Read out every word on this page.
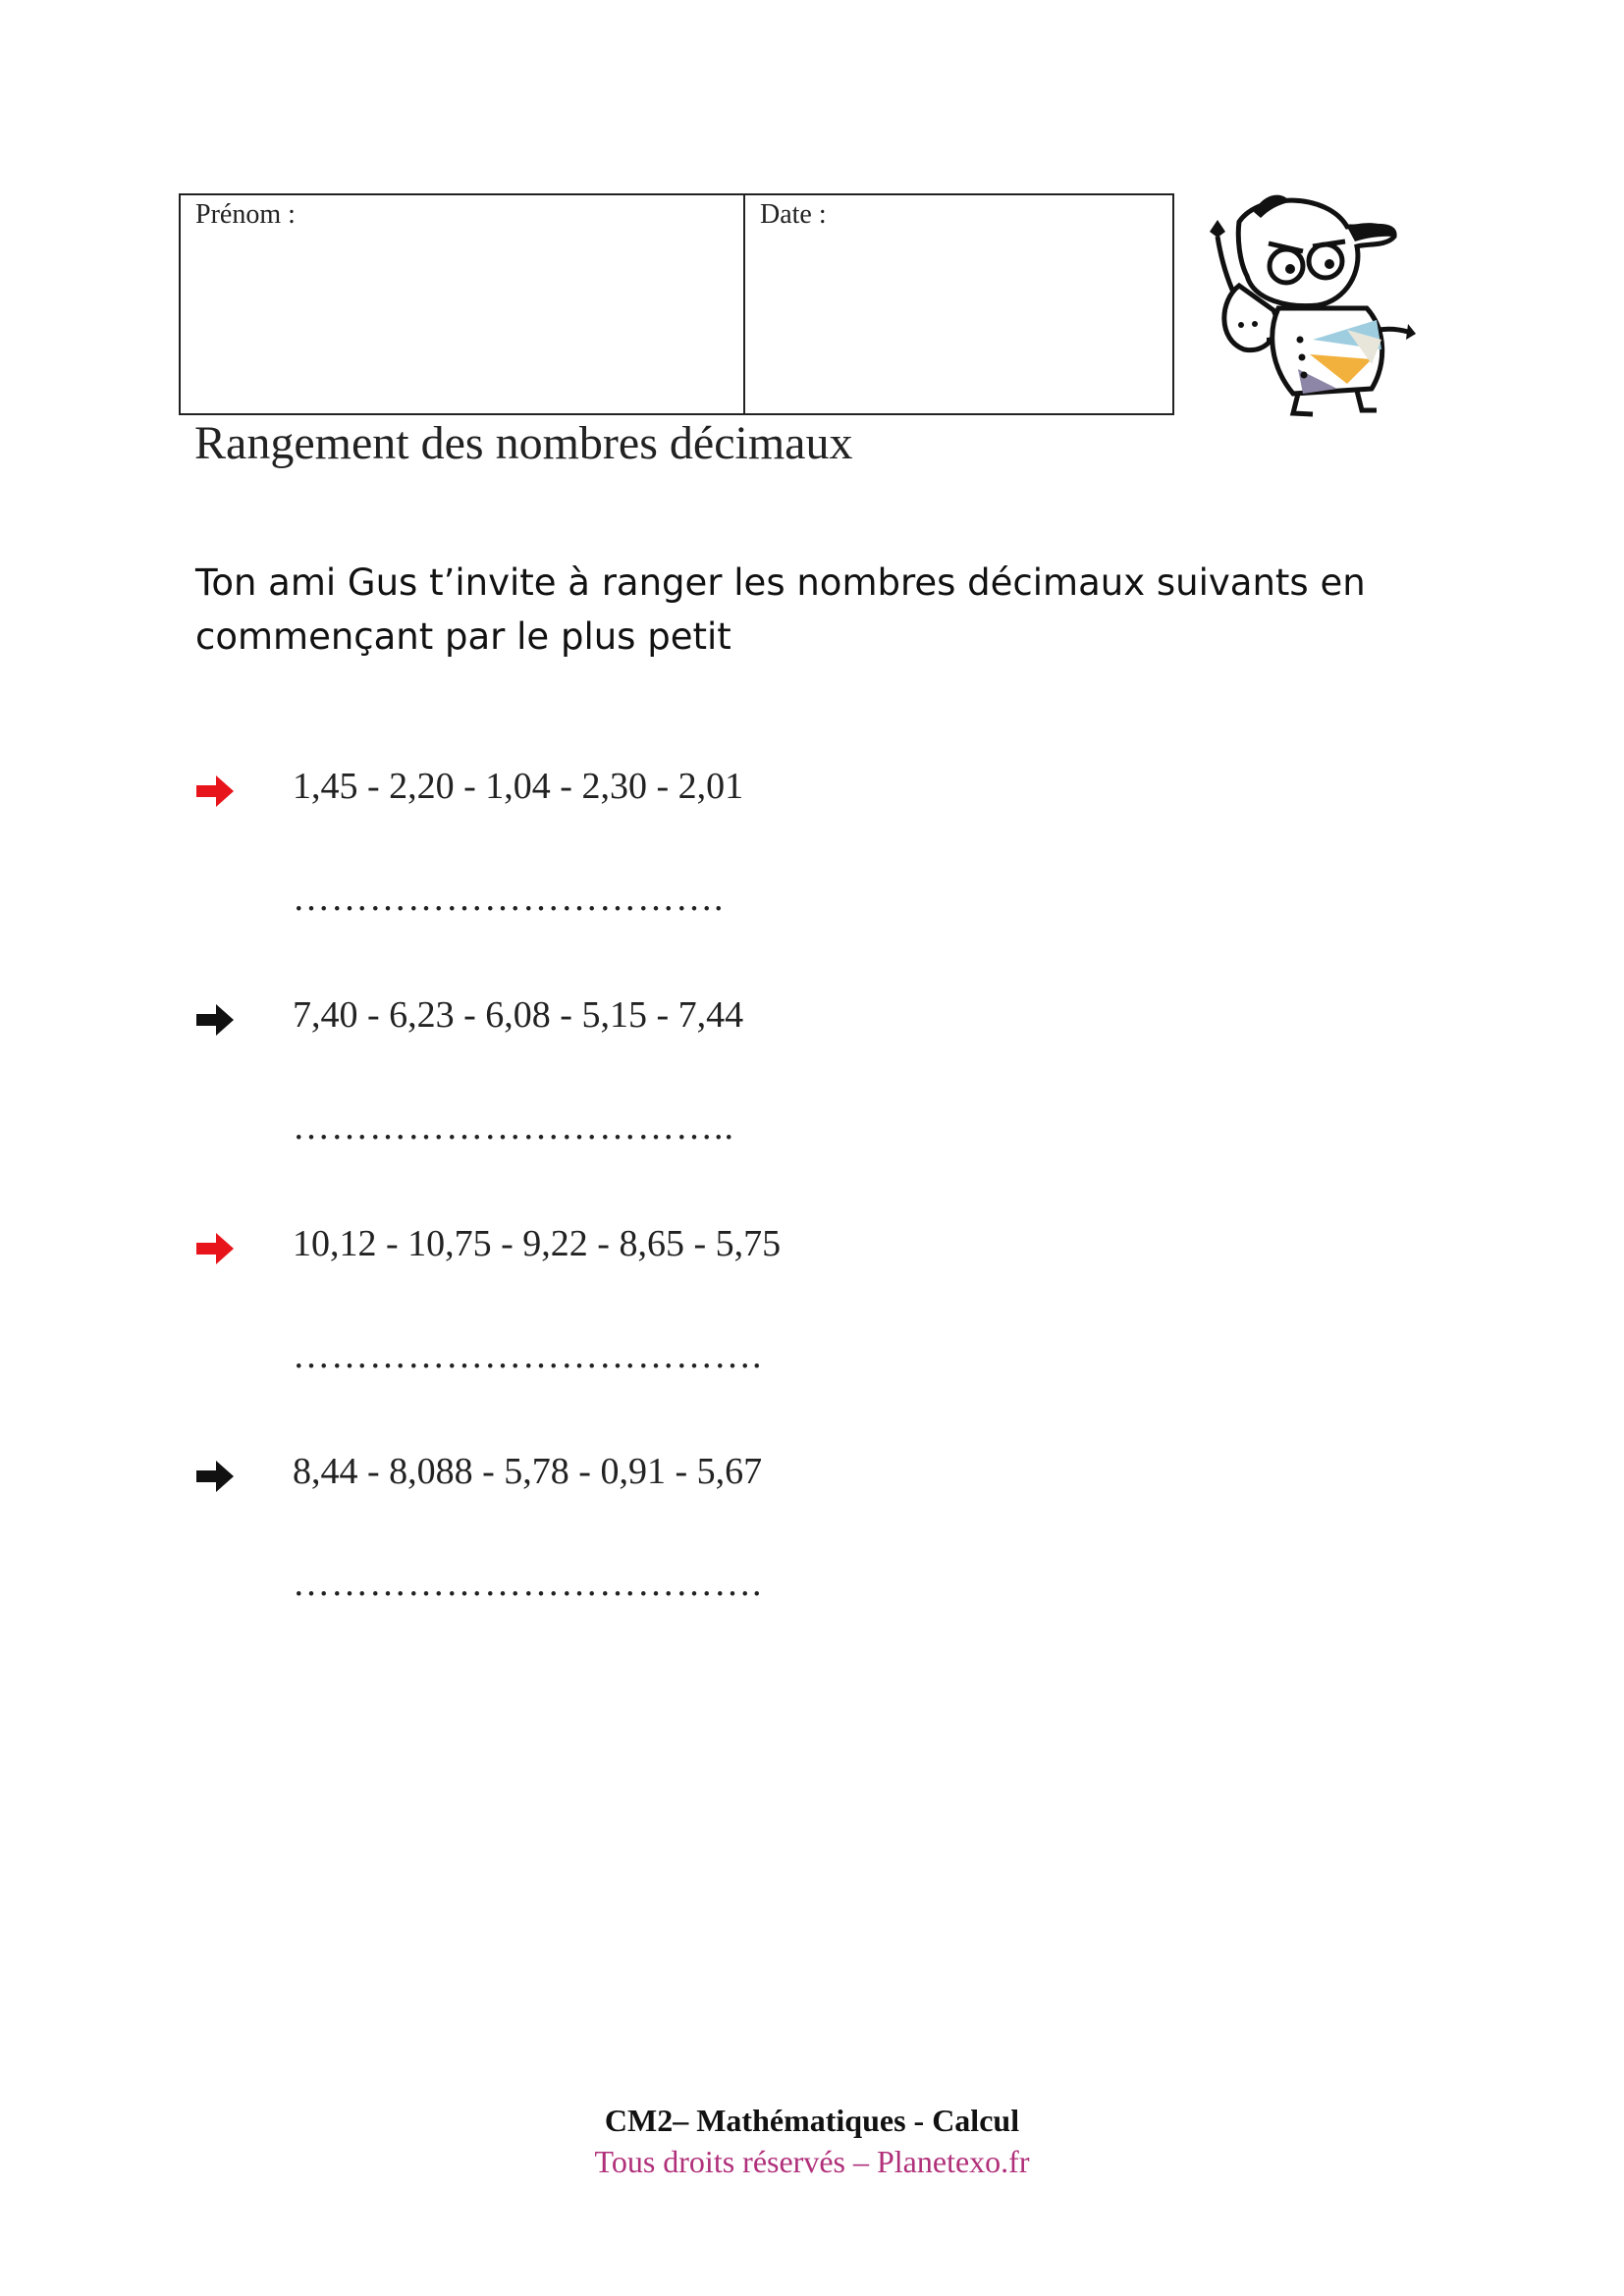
Prénom :	Date :
Rangement des nombres décimaux
Ton ami Gus t’invite à ranger les nombres décimaux suivants en commençant par le plus petit
1,45 - 2,20 - 1,04 - 2,30 - 2,01
…………………………….
7,40 - 6,23 - 6,08 - 5,15 - 7,44
……………………………..
10,12 - 10,75 - 9,22 - 8,65 - 5,75
……………………………….
8,44 - 8,088 - 5,78 - 0,91 - 5,67
……………………………….
CM2– Mathématiques - Calcul
Tous droits réservés – Planetexo.fr
